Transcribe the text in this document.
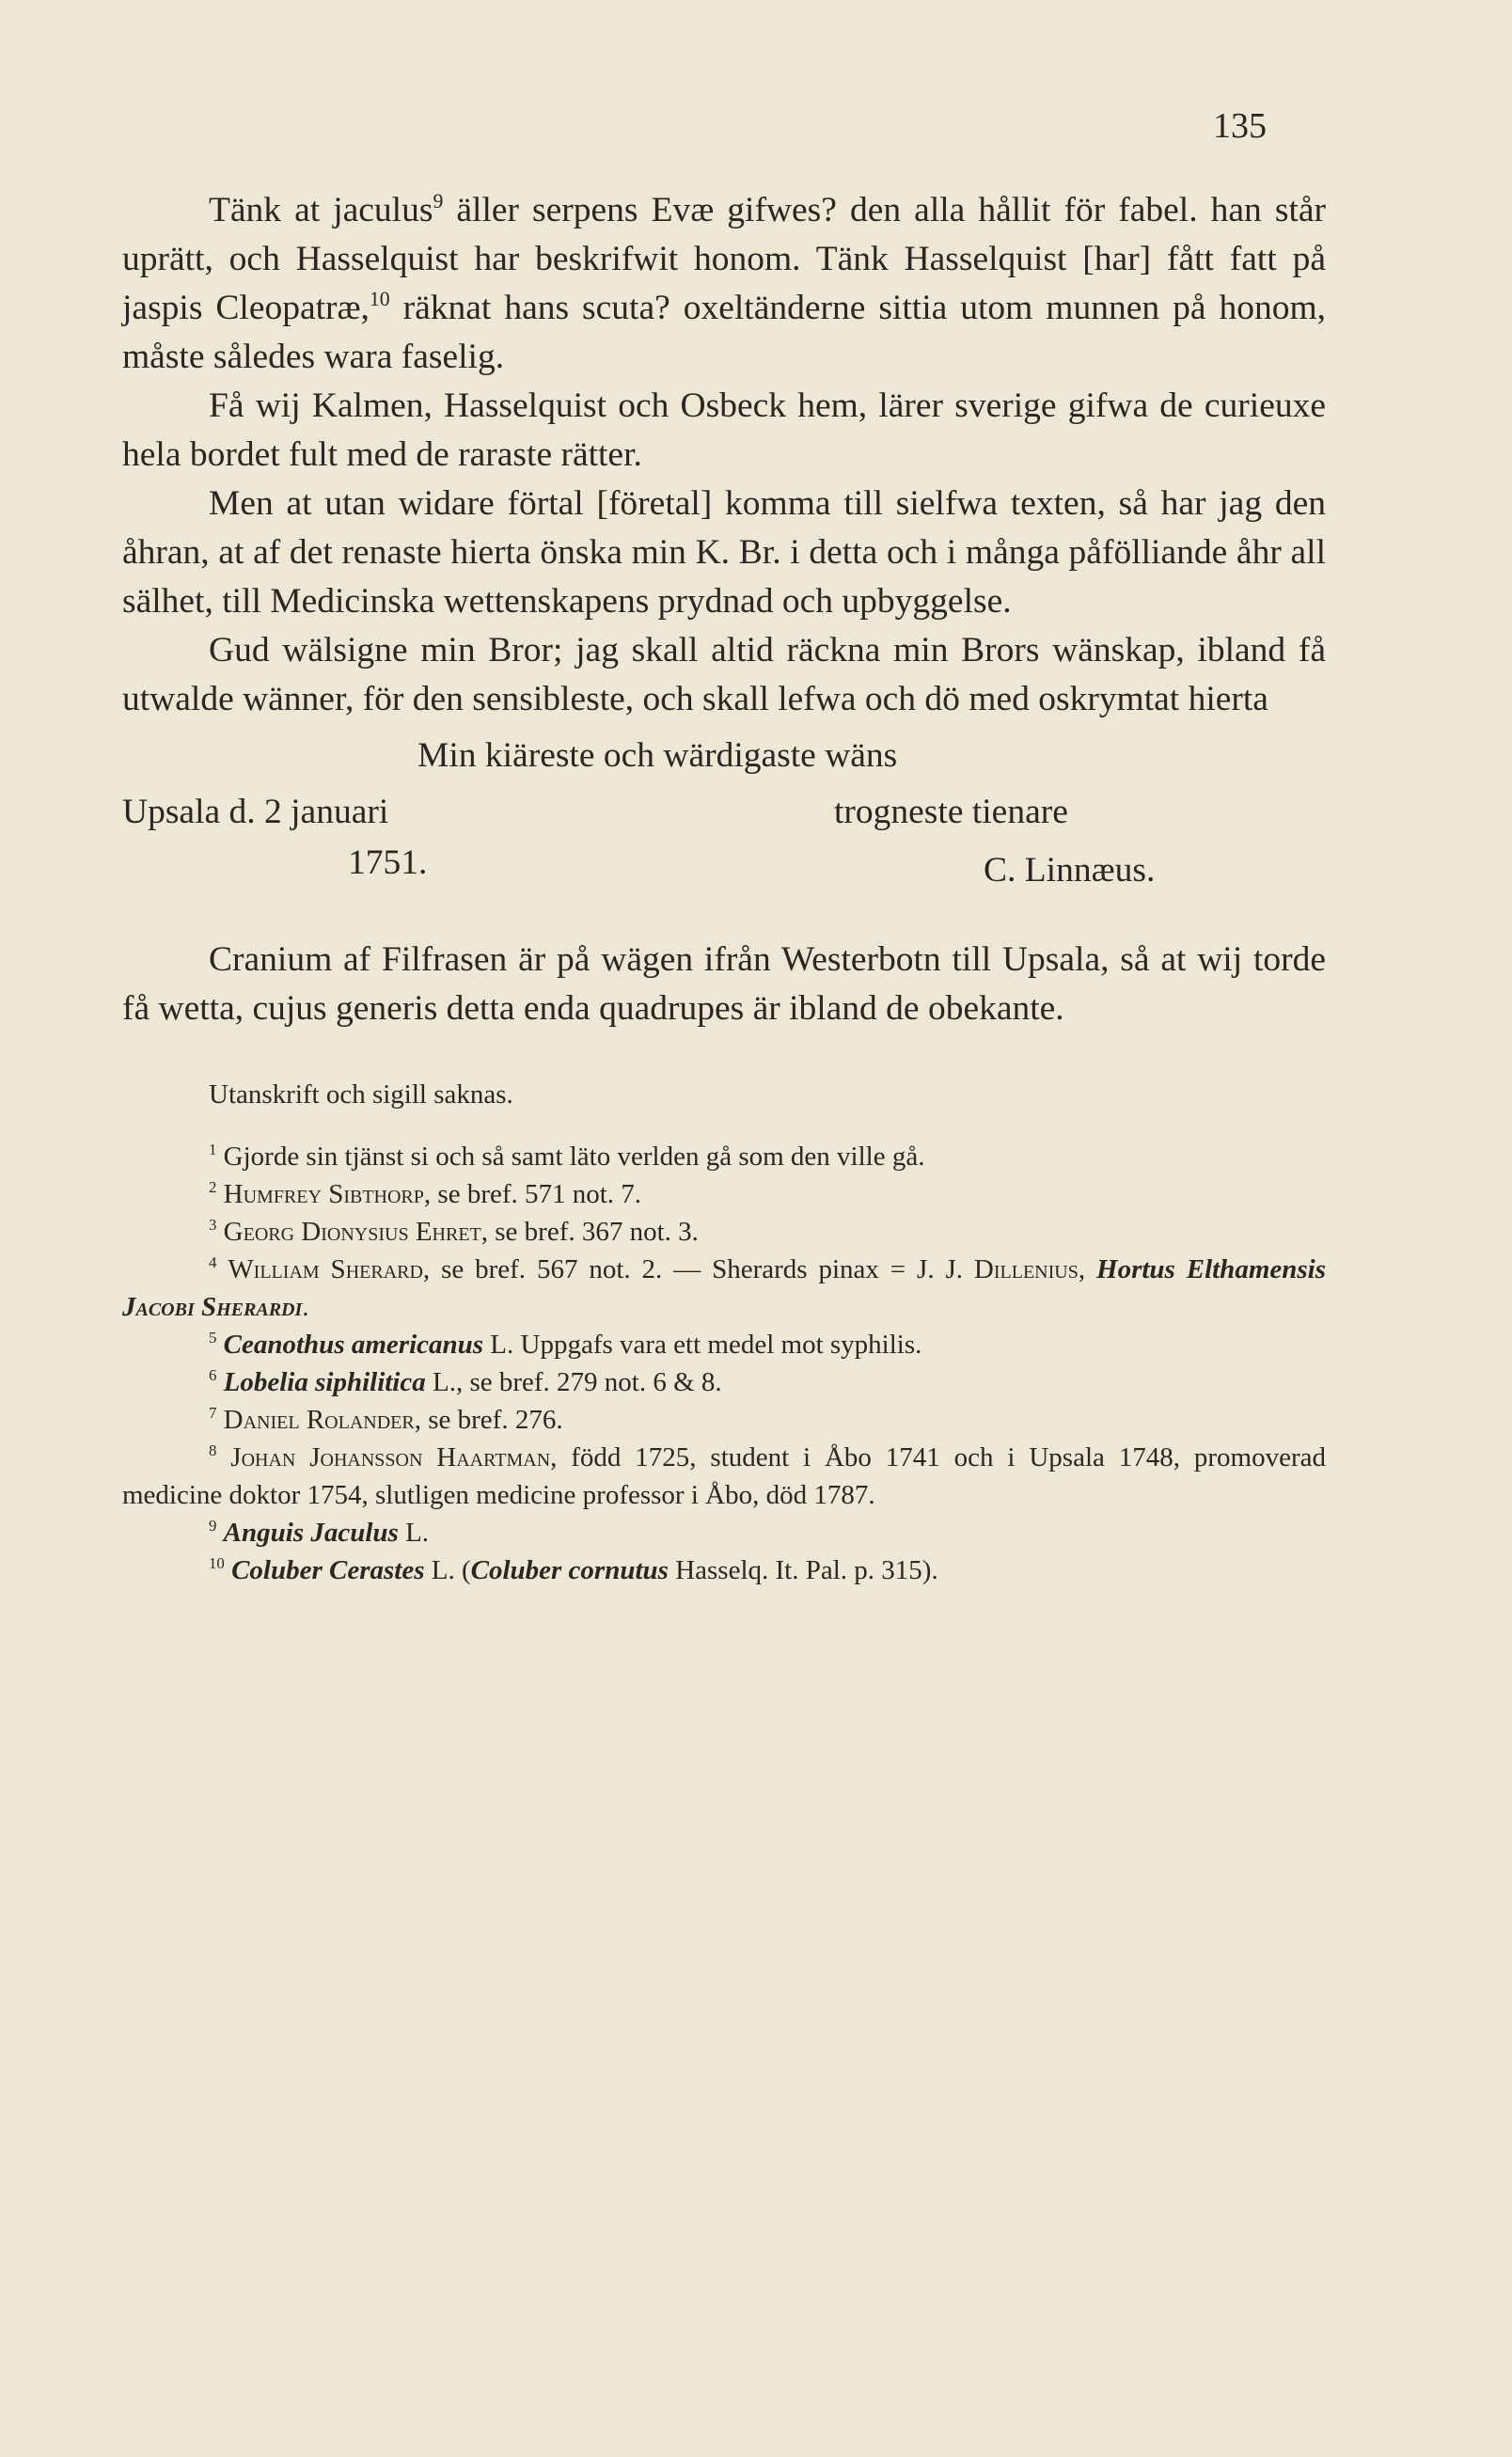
135

Tänk at jaculus$^9$ äller serpens Evæ gifwes? den alla hållit för fabel. han står uprätt, och Hasselquist har beskrifwit honom. Tänk Hasselquist [har] fått fatt på jaspis Cleopatræ,$^{10}$ räknat hans scuta? oxeltänderne sittia utom munnen på honom, måste således wara faselig.

Få wij Kalmen, Hasselquist och Osbeck hem, lärer sverige gifwa de curieuxe hela bordet fult med de raraste rätter.

Men at utan widare förtal [företal] komma till sielfwa texten, så har jag den åhran, at af det renaste hierta önska min K. Br. i detta och i många påfölliande åhr all sälhet, till Medicinska wettenskapens prydnad och upbyggelse.

Gud wälsigne min Bror; jag skall altid räckna min Brors wänskap, ibland få utwalde wänner, för den sensibleste, och skall lefwa och dö med oskrymtat hierta

Min kiäreste och wärdigaste wäns
Upsala d. 2 januari	trogneste tienare
1751.	C. Linnæus.

Cranium af Filfrasen är på wägen ifrån Westerbotn till Upsala, så at wij torde få wetta, cujus generis detta enda quadrupes är ibland de obekante.

Utanskrift och sigill saknas.

$^1$ Gjorde sin tjänst si och så samt läto verlden gå som den ville gå.

$^2$ Humfrey Sibthorp, se bref. 571 not. 7.

$^3$ Georg Dionysius Ehret, se bref. 367 not. 3.

$^4$ William Sherard, se bref. 567 not. 2. — Sherards pinax = J. J. Dillenius, Hortus Elthamensis Jacobi Sherardi.

$^5$ Ceanothus americanus L. Uppgafs vara ett medel mot syphilis.

$^6$ Lobelia siphilitica L., se bref. 279 not. 6 & 8.

$^7$ Daniel Rolander, se bref. 276.

$^8$ Johan Johansson Haartman, född 1725, student i Åbo 1741 och i Upsala 1748, promoverad medicine doktor 1754, slutligen medicine professor i Åbo, död 1787.

$^9$ Anguis Jaculus L.

$^{10}$ Coluber Cerastes L. (Coluber cornutus Hasselq. It. Pal. p. 315).
